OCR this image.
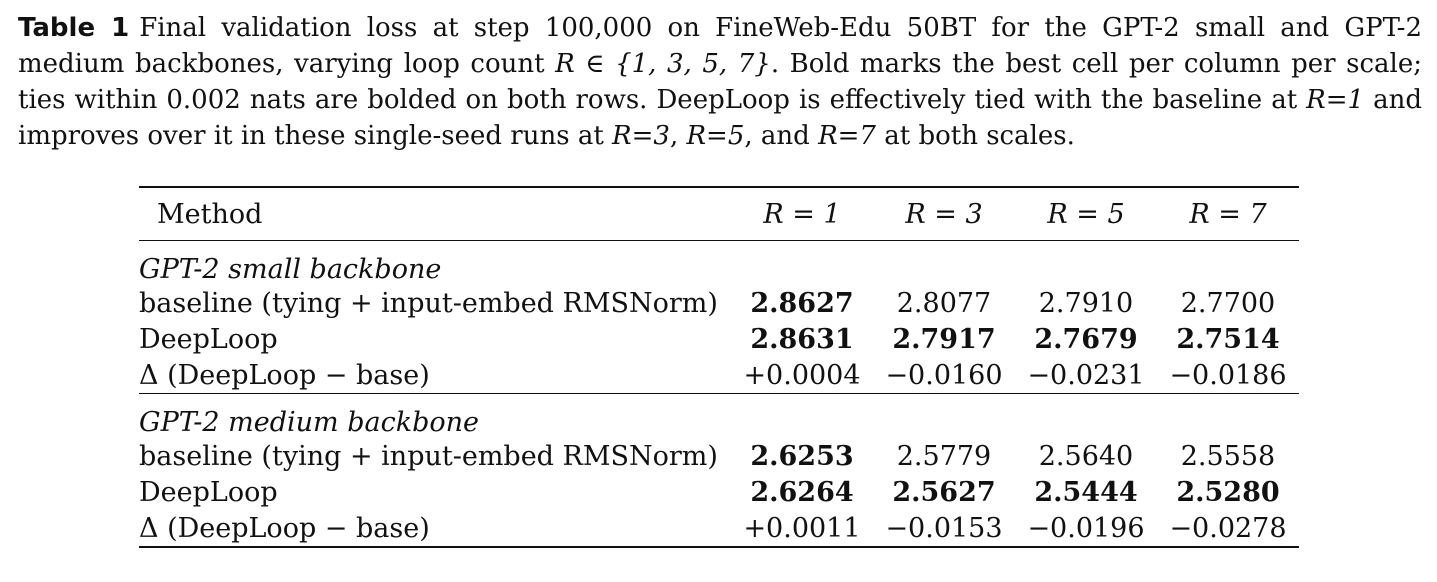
Table 1 Final validation loss at step 100,000 on FineWeb-Edu 50BT for the GPT-2 small and GPT-2 medium backbones, varying loop count R ∈ {1, 3, 5, 7}. Bold marks the best cell per column per scale; ties within 0.002 nats are bolded on both rows. DeepLoop is effectively tied with the baseline at R=1 and improves over it in these single-seed runs at R=3, R=5, and R=7 at both scales.
Method	R = 1	R = 3	R = 5	R = 7
GPT-2 small backbone				
baseline (tying + input-embed RMSNorm)	2.8627	2.8077	2.7910	2.7700
DeepLoop	2.8631	2.7917	2.7679	2.7514
Δ (DeepLoop − base)	+0.0004	−0.0160	−0.0231	−0.0186
GPT-2 medium backbone				
baseline (tying + input-embed RMSNorm)	2.6253	2.5779	2.5640	2.5558
DeepLoop	2.6264	2.5627	2.5444	2.5280
Δ (DeepLoop − base)	+0.0011	−0.0153	−0.0196	−0.0278
